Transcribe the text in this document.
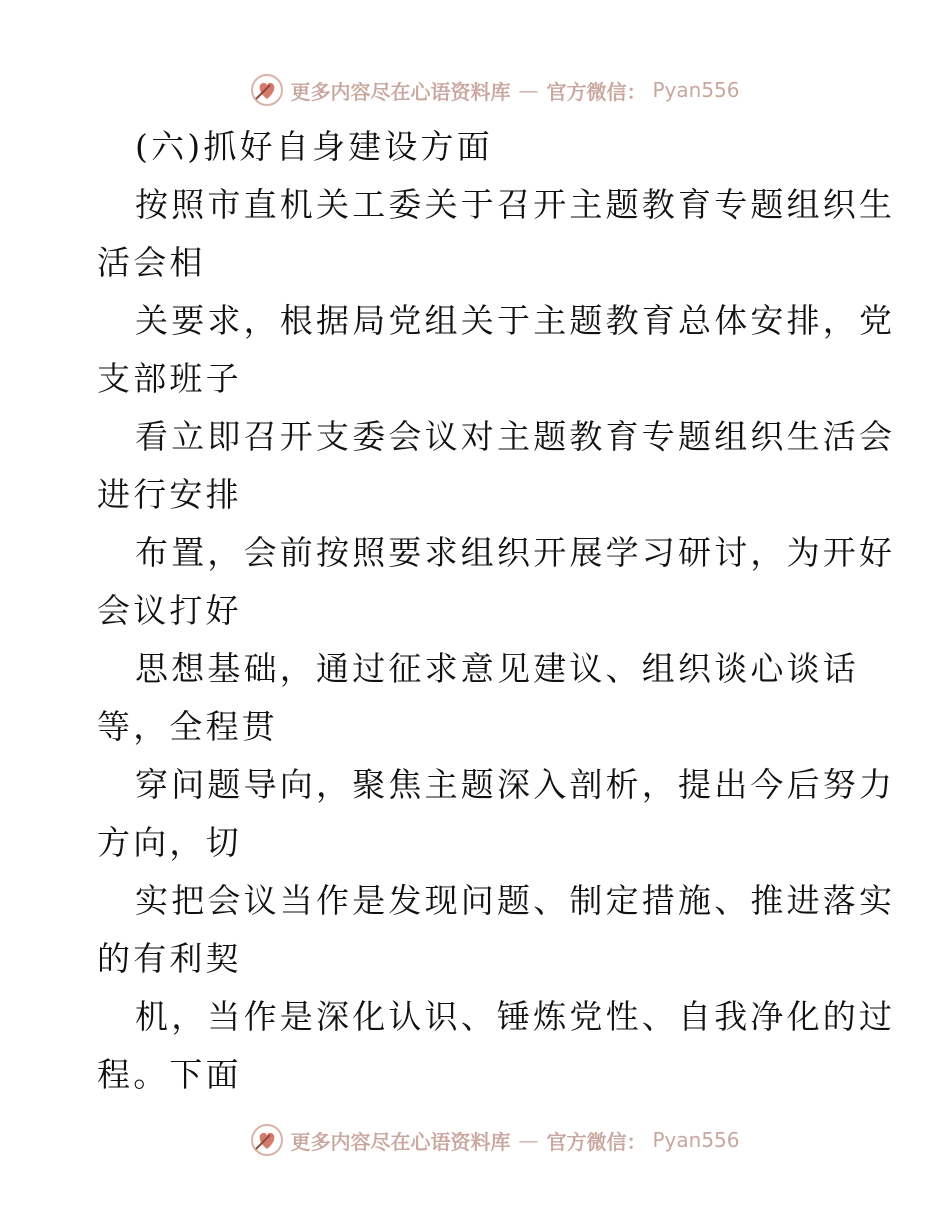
更多内容尽在心语资料库 — 官方微信： Pyan556
(六)抓好自身建设方面
按照市直机关工委关于召开主题教育专题组织生
活会相
关要求，根据局党组关于主题教育总体安排，党
支部班子
看立即召开支委会议对主题教育专题组织生活会
进行安排
布置，会前按照要求组织开展学习研讨，为开好
会议打好
思想基础，通过征求意见建议、组织谈心谈话
等，全程贯
穿问题导向，聚焦主题深入剖析，提出今后努力
方向，切
实把会议当作是发现问题、制定措施、推进落实
的有利契
机，当作是深化认识、锤炼党性、自我净化的过
程。下面
更多内容尽在心语资料库 — 官方微信： Pyan556
